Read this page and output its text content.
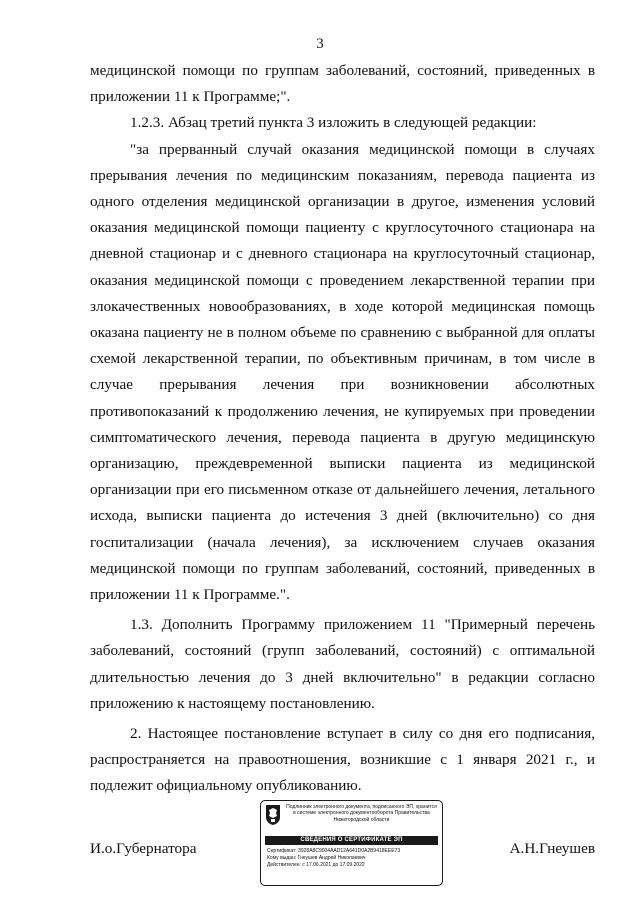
3

медицинской помощи по группам заболеваний, состояний, приведенных в приложении 11 к Программе;".

1.2.3. Абзац третий пункта 3 изложить в следующей редакции:

"за прерванный случай оказания медицинской помощи в случаях прерывания лечения по медицинским показаниям, перевода пациента из одного отделения медицинской организации в другое, изменения условий оказания медицинской помощи пациенту с круглосуточного стационара на дневной стационар и с дневного стационара на круглосуточный стационар, оказания медицинской помощи с проведением лекарственной терапии при злокачественных новообразованиях, в ходе которой медицинская помощь оказана пациенту не в полном объеме по сравнению с выбранной для оплаты схемой лекарственной терапии, по объективным причинам, в том числе в случае прерывания лечения при возникновении абсолютных противопоказаний к продолжению лечения, не купируемых при проведении симптоматического лечения, перевода пациента в другую медицинскую организацию, преждевременной выписки пациента из медицинской организации при его письменном отказе от дальнейшего лечения, летального исхода, выписки пациента до истечения 3 дней (включительно) со дня госпитализации (начала лечения), за исключением случаев оказания медицинской помощи по группам заболеваний, состояний, приведенных в приложении 11 к Программе.".

1.3. Дополнить Программу приложением 11 "Примерный перечень заболеваний, состояний (групп заболеваний, состояний) с оптимальной длительностью лечения до 3 дней включительно" в редакции согласно приложению к настоящему постановлению.

2. Настоящее постановление вступает в силу со дня его подписания, распространяется на правоотношения, возникшие с 1 января 2021 г., и подлежит официальному опубликованию.

И.о.Губернатора	А.Н.Гнеушев
Подлинник электронного документа, подписанного ЭП, хранится в системе электронного документооборота Правительства Нижегородской области
СВЕДЕНИЯ О СЕРТИФИКАТЕ ЭП
Сертификат: 3928A8C9004AAD12A641D0A2B9418EEE73
Кому выдан: Гнеушев Андрей Николаевич
Действителен: с 17.06.2021 до 17.09.2022
